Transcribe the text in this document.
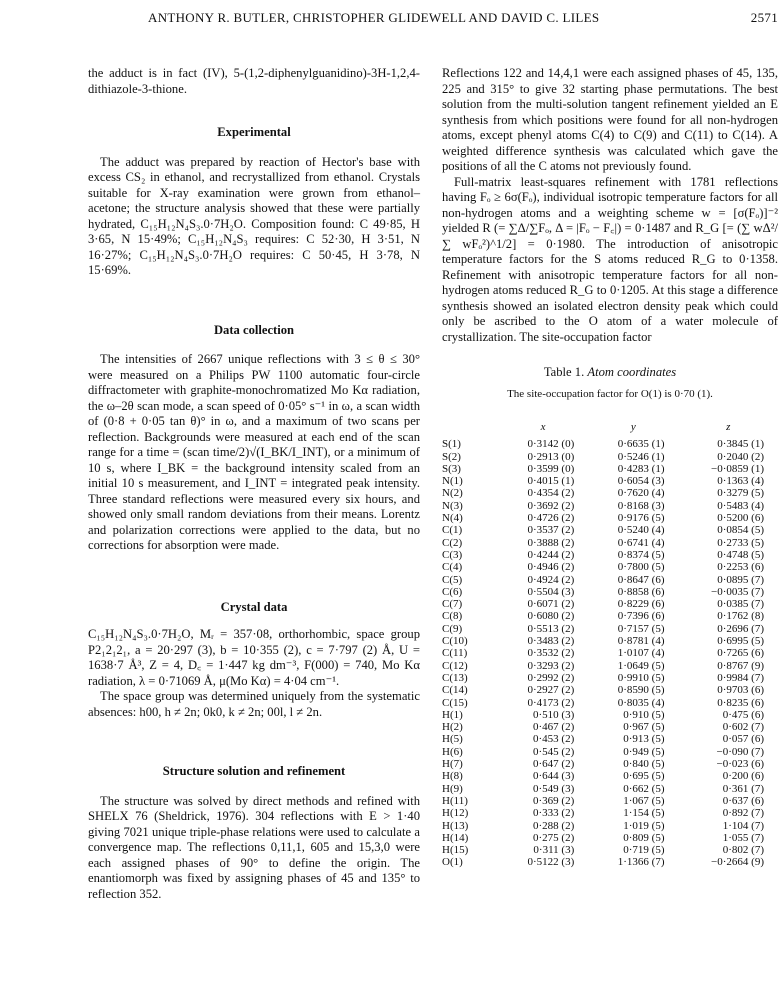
ANTHONY R. BUTLER, CHRISTOPHER GLIDEWELL AND DAVID C. LILES	2571

the adduct is in fact (IV), 5-(1,2-diphenylguanidino)-3H-1,2,4-dithiazole-3-thione.

Experimental

The adduct was prepared by reaction of Hector's base with excess CS₂ in ethanol, and recrystallized from ethanol. Crystals suitable for X-ray examination were grown from ethanol–acetone; the structure analysis showed that these were partially hydrated, C₁₅H₁₂N₄S₃.0·7H₂O. Composition found: C 49·85, H 3·65, N 15·49%; C₁₅H₁₂N₄S₃ requires: C 52·30, H 3·51, N 16·27%; C₁₅H₁₂N₄S₃.0·7H₂O requires: C 50·45, H 3·78, N 15·69%.

Data collection

The intensities of 2667 unique reflections with 3 ≤ θ ≤ 30° were measured on a Philips PW 1100 automatic four-circle diffractometer with graphite-monochromatized Mo Kα radiation, the ω–2θ scan mode, a scan speed of 0·05° s⁻¹ in ω, a scan width of (0·8 + 0·05 tan θ)° in ω, and a maximum of two scans per reflection. Backgrounds were measured at each end of the scan range for a time = (scan time/2)√(I_BK/I_INT), or a minimum of 10 s, where I_BK = the background intensity scaled from an initial 10 s measurement, and I_INT = integrated peak intensity. Three standard reflections were measured every six hours, and showed only small random deviations from their means. Lorentz and polarization corrections were applied to the data, but no corrections for absorption were made.

Crystal data

C₁₅H₁₂N₄S₃.0·7H₂O, Mᵣ = 357·08, orthorhombic, space group P2₁2₁2₁, a = 20·297 (3), b = 10·355 (2), c = 7·797 (2) Å, U = 1638·7 Å³, Z = 4, D꜀ = 1·447 kg dm⁻³, F(000) = 740, Mo Kα radiation, λ = 0·71069 Å, μ(Mo Kα) = 4·04 cm⁻¹.

The space group was determined uniquely from the systematic absences: h00, h ≠ 2n; 0k0, k ≠ 2n; 00l, l ≠ 2n.

Structure solution and refinement

The structure was solved by direct methods and refined with SHELX 76 (Sheldrick, 1976). 304 reflections with E > 1·40 giving 7021 unique triple-phase relations were used to calculate a convergence map. The reflections 0,11,1, 605 and 15,3,0 were each assigned phases of 90° to define the origin. The enantiomorph was fixed by assigning phases of 45 and 135° to reflection 352.

Reflections 122 and 14,4,1 were each assigned phases of 45, 135, 225 and 315° to give 32 starting phase permutations. The best solution from the multi-solution tangent refinement yielded an E synthesis from which positions were found for all non-hydrogen atoms, except phenyl atoms C(4) to C(9) and C(11) to C(14). A weighted difference synthesis was calculated which gave the positions of all the C atoms not previously found.

Full-matrix least-squares refinement with 1781 reflections having Fₒ ≥ 6σ(Fₒ), individual isotropic temperature factors for all non-hydrogen atoms and a weighting scheme w = [σ(Fₒ)]⁻² yielded R (= ∑Δ/∑Fₒ, Δ = |Fₒ − F꜀|) = 0·1487 and R_G [= (∑ wΔ²/∑ wFₒ²)^1/2] = 0·1980. The introduction of anisotropic temperature factors for the S atoms reduced R_G to 0·1358. Refinement with anisotropic temperature factors for all non-hydrogen atoms reduced R_G to 0·1205. At this stage a difference synthesis showed an isolated electron density peak which could only be ascribed to the O atom of a water molecule of crystallization. The site-occupation factor

Table 1. Atom coordinates
The site-occupation factor for O(1) is 0·70 (1).
	x	y	z
S(1)	0·3142 (0)	0·6635 (1)	0·3845 (1)
S(2)	0·2913 (0)	0·5246 (1)	0·2040 (2)
S(3)	0·3599 (0)	0·4283 (1)	−0·0859 (1)
N(1)	0·4015 (1)	0·6054 (3)	0·1363 (4)
N(2)	0·4354 (2)	0·7620 (4)	0·3279 (5)
N(3)	0·3692 (2)	0·8168 (3)	0·5483 (4)
N(4)	0·4726 (2)	0·9176 (5)	0·5200 (6)
C(1)	0·3537 (2)	0·5240 (4)	0·0854 (5)
C(2)	0·3888 (2)	0·6741 (4)	0·2733 (5)
C(3)	0·4244 (2)	0·8374 (5)	0·4748 (5)
C(4)	0·4946 (2)	0·7800 (5)	0·2253 (6)
C(5)	0·4924 (2)	0·8647 (6)	0·0895 (7)
C(6)	0·5504 (3)	0·8858 (6)	−0·0035 (7)
C(7)	0·6071 (2)	0·8229 (6)	0·0385 (7)
C(8)	0·6080 (2)	0·7396 (6)	0·1762 (8)
C(9)	0·5513 (2)	0·7157 (5)	0·2696 (7)
C(10)	0·3483 (2)	0·8781 (4)	0·6995 (5)
C(11)	0·3532 (2)	1·0107 (4)	0·7265 (6)
C(12)	0·3293 (2)	1·0649 (5)	0·8767 (9)
C(13)	0·2992 (2)	0·9910 (5)	0·9984 (7)
C(14)	0·2927 (2)	0·8590 (5)	0·9703 (6)
C(15)	0·4173 (2)	0·8035 (4)	0·8235 (6)
H(1)	0·510 (3)	0·910 (5)	0·475 (6)
H(2)	0·467 (2)	0·967 (5)	0·602 (7)
H(5)	0·453 (2)	0·913 (5)	0·057 (6)
H(6)	0·545 (2)	0·949 (5)	−0·090 (7)
H(7)	0·647 (2)	0·840 (5)	−0·023 (6)
H(8)	0·644 (3)	0·695 (5)	0·200 (6)
H(9)	0·549 (3)	0·662 (5)	0·361 (7)
H(11)	0·369 (2)	1·067 (5)	0·637 (6)
H(12)	0·333 (2)	1·154 (5)	0·892 (7)
H(13)	0·288 (2)	1·019 (5)	1·104 (7)
H(14)	0·275 (2)	0·809 (5)	1·055 (7)
H(15)	0·311 (3)	0·719 (5)	0·802 (7)
O(1)	0·5122 (3)	1·1366 (7)	−0·2664 (9)
